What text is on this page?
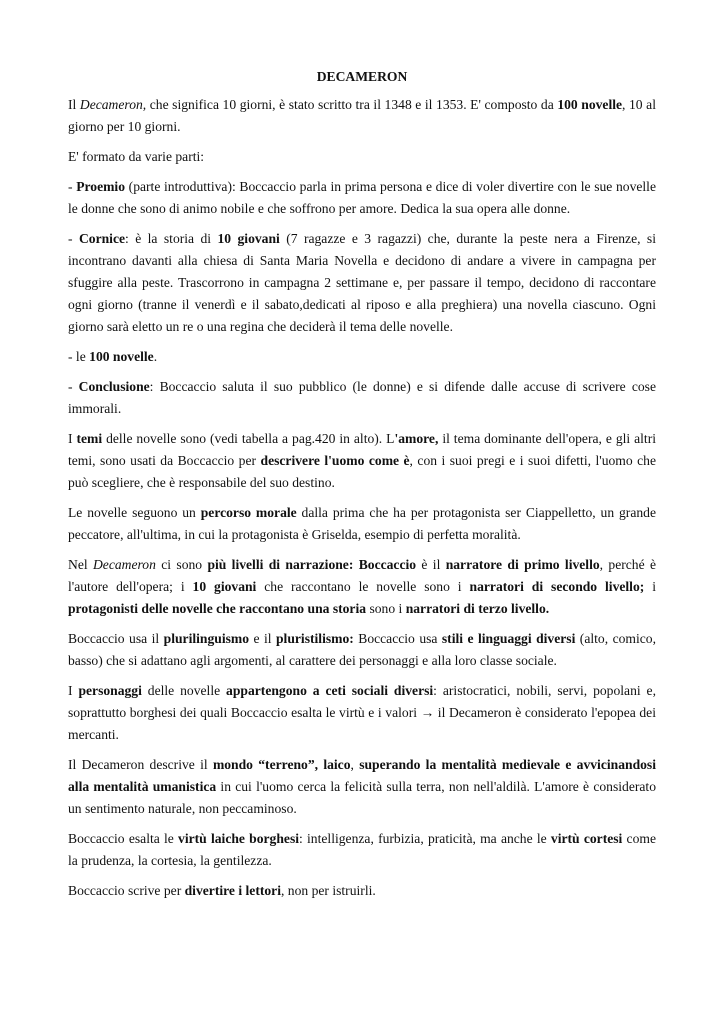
DECAMERON

Il Decameron, che significa 10 giorni, è stato scritto tra il 1348 e il 1353. E' composto da 100 novelle, 10 al giorno per 10 giorni.

E' formato da varie parti:

- Proemio (parte introduttiva): Boccaccio parla in prima persona e dice di voler divertire con le sue novelle le donne che sono di animo nobile e che soffrono per amore. Dedica la sua opera alle donne.

- Cornice: è la storia di 10 giovani (7 ragazze e 3 ragazzi) che, durante la peste nera a Firenze, si incontrano davanti alla chiesa di Santa Maria Novella e decidono di andare a vivere in campagna per sfuggire alla peste. Trascorrono in campagna 2 settimane e, per passare il tempo, decidono di raccontare ogni giorno (tranne il venerdì e il sabato,dedicati al riposo e alla preghiera) una novella ciascuno. Ogni giorno sarà eletto un re o una regina che deciderà il tema delle novelle.

- le 100 novelle.

- Conclusione: Boccaccio saluta il suo pubblico (le donne) e si difende dalle accuse di scrivere cose immorali.

I temi delle novelle sono (vedi tabella a pag.420 in alto). L'amore, il tema dominante dell'opera, e gli altri temi, sono usati da Boccaccio per descrivere l'uomo come è, con i suoi pregi e i suoi difetti, l'uomo che può scegliere, che è responsabile del suo destino.

Le novelle seguono un percorso morale dalla prima che ha per protagonista ser Ciappelletto, un grande peccatore, all'ultima, in cui la protagonista è Griselda, esempio di perfetta moralità.

Nel Decameron ci sono più livelli di narrazione: Boccaccio è il narratore di primo livello, perché è l'autore dell'opera; i 10 giovani che raccontano le novelle sono i narratori di secondo livello; i protagonisti delle novelle che raccontano una storia sono i narratori di terzo livello.

Boccaccio usa il plurilinguismo e il pluristilismo: Boccaccio usa stili e linguaggi diversi (alto, comico, basso) che si adattano agli argomenti, al carattere dei personaggi e alla loro classe sociale.

I personaggi delle novelle appartengono a ceti sociali diversi: aristocratici, nobili, servi, popolani e, soprattutto borghesi dei quali Boccaccio esalta le virtù e i valori → il Decameron è considerato l'epopea dei mercanti.

Il Decameron descrive il mondo “terreno”, laico, superando la mentalità medievale e avvicinandosi alla mentalità umanistica in cui l'uomo cerca la felicità sulla terra, non nell'aldilà. L'amore è considerato un sentimento naturale, non peccaminoso.

Boccaccio esalta le virtù laiche borghesi: intelligenza, furbizia, praticità, ma anche le virtù cortesi come la prudenza, la cortesia, la gentilezza.

Boccaccio scrive per divertire i lettori, non per istruirli.
